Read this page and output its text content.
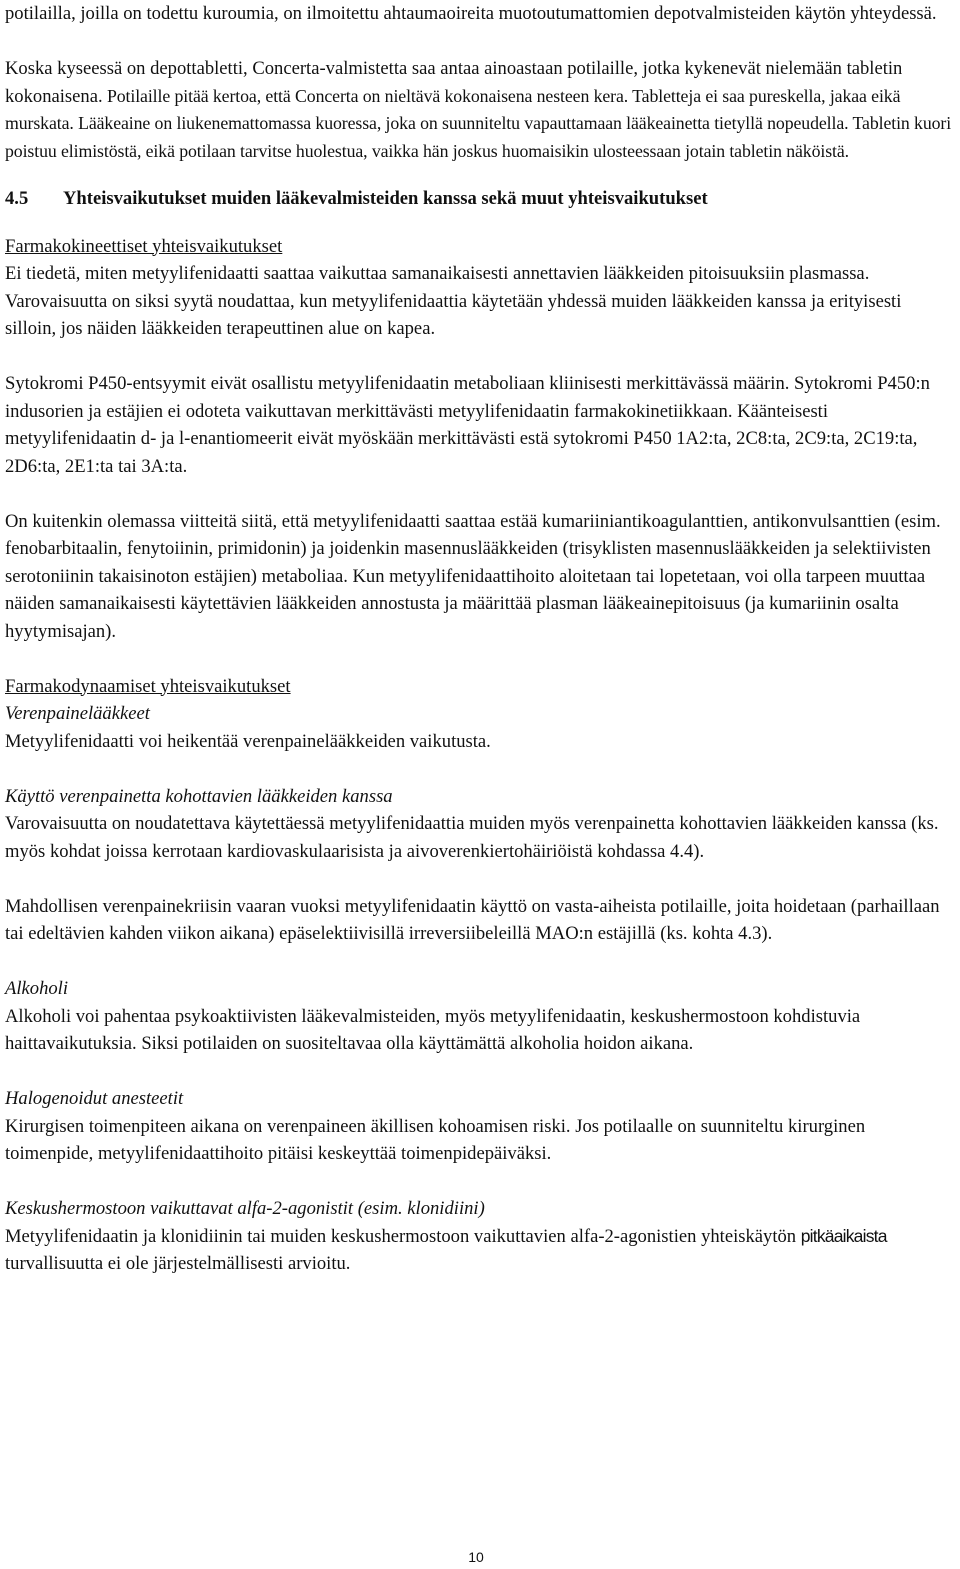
potilailla, joilla on todettu kuroumia, on ilmoitettu ahtaumaoireita muotoutumattomien depotvalmisteiden käytön yhteydessä.

Koska kyseessä on depottabletti, Concerta-valmistetta saa antaa ainoastaan potilaille, jotka kykenevät nielemään tabletin kokonaisena. Potilaille pitää kertoa, että Concerta on nieltävä kokonaisena nesteen kera. Tabletteja ei saa pureskella, jakaa eikä murskata. Lääkeaine on liukenemattomassa kuoressa, joka on suunniteltu vapauttamaan lääkeainetta tietyllä nopeudella. Tabletin kuori poistuu elimistöstä, eikä potilaan tarvitse huolestua, vaikka hän joskus huomaisikin ulosteessaan jotain tabletin näköistä.

4.5	Yhteisvaikutukset muiden lääkevalmisteiden kanssa sekä muut yhteisvaikutukset

Farmakokineettiset yhteisvaikutukset

Ei tiedetä, miten metyylifenidaatti saattaa vaikuttaa samanaikaisesti annettavien lääkkeiden pitoisuuksiin plasmassa. Varovaisuutta on siksi syytä noudattaa, kun metyylifenidaattia käytetään yhdessä muiden lääkkeiden kanssa ja erityisesti silloin, jos näiden lääkkeiden terapeuttinen alue on kapea.

Sytokromi P450-entsyymit eivät osallistu metyylifenidaatin metaboliaan kliinisesti merkittävässä määrin. Sytokromi P450:n indusorien ja estäjien ei odoteta vaikuttavan merkittävästi metyylifenidaatin farmakokinetiikkaan. Käänteisesti metyylifenidaatin d- ja l-enantiomeerit eivät myöskään merkittävästi estä sytokromi P450 1A2:ta, 2C8:ta, 2C9:ta, 2C19:ta, 2D6:ta, 2E1:ta tai 3A:ta.

On kuitenkin olemassa viitteitä siitä, että metyylifenidaatti saattaa estää kumariiniantikoagulanttien, antikonvulsanttien (esim. fenobarbitaalin, fenytoiinin, primidonin) ja joidenkin masennuslääkkeiden (trisyklisten masennuslääkkeiden ja selektiivisten serotoniinin takaisinoton estäjien) metaboliaa. Kun metyylifenidaattihoito aloitetaan tai lopetetaan, voi olla tarpeen muuttaa näiden samanaikaisesti käytettävien lääkkeiden annostusta ja määrittää plasman lääkeainepitoisuus (ja kumariinin osalta hyytymisajan).

Farmakodynaamiset yhteisvaikutukset

Verenpainelääkkeet

Metyylifenidaatti voi heikentää verenpainelääkkeiden vaikutusta.

Käyttö verenpainetta kohottavien lääkkeiden kanssa

Varovaisuutta on noudatettava käytettäessä metyylifenidaattia muiden myös verenpainetta kohottavien lääkkeiden kanssa (ks. myös kohdat joissa kerrotaan kardiovaskulaarisista ja aivoverenkiertohäiriöistä kohdassa 4.4).

Mahdollisen verenpainekriisin vaaran vuoksi metyylifenidaatin käyttö on vasta-aiheista potilaille, joita hoidetaan (parhaillaan tai edeltävien kahden viikon aikana) epäselektiivisillä irreversiibeleillä MAO:n estäjillä (ks. kohta 4.3).

Alkoholi

Alkoholi voi pahentaa psykoaktiivisten lääkevalmisteiden, myös metyylifenidaatin, keskushermostoon kohdistuvia haittavaikutuksia. Siksi potilaiden on suositeltavaa olla käyttämättä alkoholia hoidon aikana.

Halogenoidut anesteetit

Kirurgisen toimenpiteen aikana on verenpaineen äkillisen kohoamisen riski. Jos potilaalle on suunniteltu kirurginen toimenpide, metyylifenidaattihoito pitäisi keskeyttää toimenpidepäiväksi.

Keskushermostoon vaikuttavat alfa-2-agonistit (esim. klonidiini)

Metyylifenidaatin ja klonidiinin tai muiden keskushermostoon vaikuttavien alfa-2-agonistien yhteiskäytön pitkäaikaista turvallisuutta ei ole järjestelmällisesti arvioitu.

10
